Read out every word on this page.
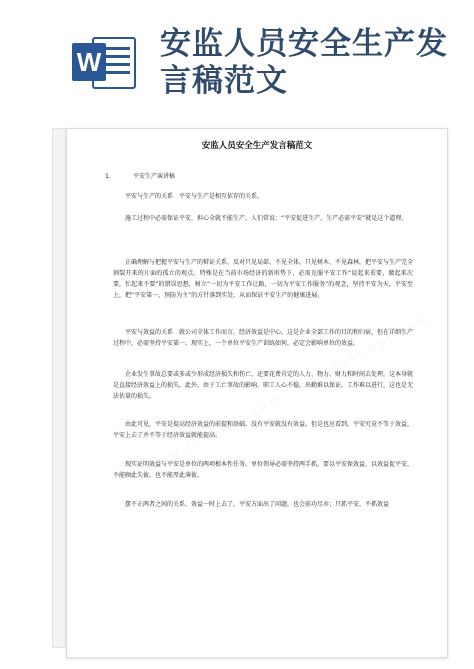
W 安监人员安全生产发言稿范文
安监人员安全生产发言稿范文
1.	平安生产演讲稿

平安与生产的关系　平安与生产是相互依存的关系。

施工过程中必需保证平安，担心全就不能生产。人们常说：“平安促进生产，生产必需平安”就是这个道理。

正确理解与把握平安与生产的辩证关系，反对只见局部、不见全体，只见树木、不见森林，把平安与生产完全割裂开来的片面的孤立的观点。特殊是在当前市场经济的新形势下，必需克服平安工作“说起来重要，做起来次要，忙起来不要”的错误思想，树立“一切为平安工作让路，一切为平安工作服务”的观念，坚持平安为天，平安至上，把“平安第一，预防为主”的方针落到实处，从而保证平安生产的健康进展。

平安与效益的关系　就公司全体工作而言，经济效益是中心，这是企业全部工作的目的和归宿，但在详细生产过程中，必需坚持平安第一。现实上，一个单位平安生产训练如何，必定会影响单位的效益。

企业发生事故总要或多或少形成经济损失和伤亡，还要花费肯定的人力、物力、财力和时间去处理，这本身就是直接经济效益上的损失。此外，由于工亡事故的影响，职工人心不稳，出勤难以保证，工作难以进行，这也是无法估量的损失。

由此可见，平安是提高经济效益的前提和基础，没有平安就没有效益。但是也应看到，平安究竟不等于效益，平安上去了并不等于经济效益就能提高。

现实证明效益与平安是单位的两项根本性任务。单位领导必需坚持两手抓，要以平安保效益，以效益促平安，不能顾此失彼，也不能厚此薄彼。

摆不正两者之间的关系，效益一时上去了，平安方面出了问题，也会前功尽弃；只抓平安，不抓效益
